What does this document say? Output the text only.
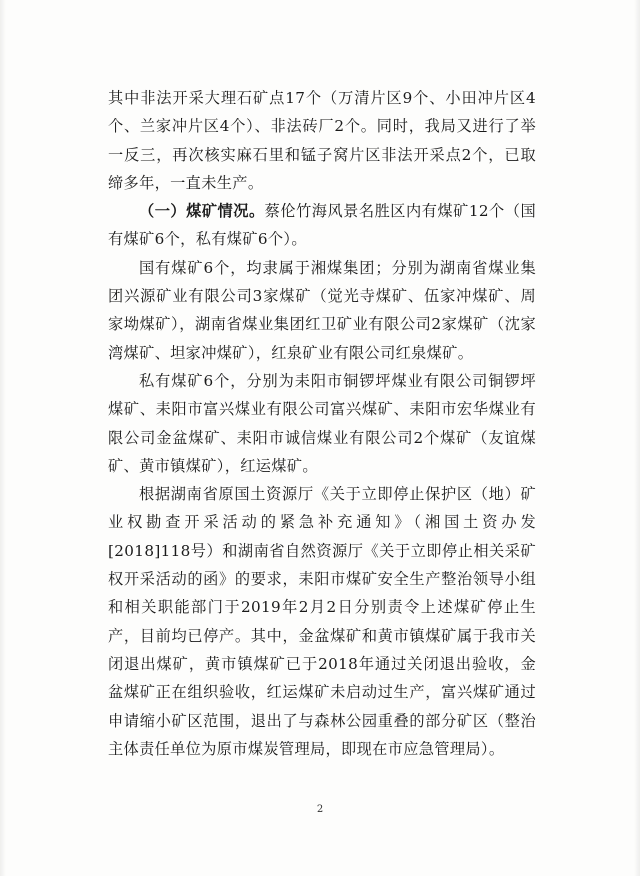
其中非法开采大理石矿点17个（万清片区9个、小田冲片区4个、兰家冲片区4个）、非法砖厂2个。同时，我局又进行了举一反三，再次核实麻石里和锰子窝片区非法开采点2个，已取缔多年，一直未生产。

（一）煤矿情况。蔡伦竹海风景名胜区内有煤矿12个（国有煤矿6个，私有煤矿6个）。

国有煤矿6个，均隶属于湘煤集团；分别为湖南省煤业集团兴源矿业有限公司3家煤矿（觉光寺煤矿、伍家冲煤矿、周家坳煤矿），湖南省煤业集团红卫矿业有限公司2家煤矿（沈家湾煤矿、坦家冲煤矿），红泉矿业有限公司红泉煤矿。

私有煤矿6个，分别为耒阳市铜锣坪煤业有限公司铜锣坪煤矿、耒阳市富兴煤业有限公司富兴煤矿、耒阳市宏华煤业有限公司金盆煤矿、耒阳市诚信煤业有限公司2个煤矿（友谊煤矿、黄市镇煤矿），红运煤矿。

根据湖南省原国土资源厅《关于立即停止保护区（地）矿业权勘查开采活动的紧急补充通知》（湘国土资办发[2018]118号）和湖南省自然资源厅《关于立即停止相关采矿权开采活动的函》的要求，耒阳市煤矿安全生产整治领导小组和相关职能部门于2019年2月2日分别责令上述煤矿停止生产，目前均已停产。其中，金盆煤矿和黄市镇煤矿属于我市关闭退出煤矿，黄市镇煤矿已于2018年通过关闭退出验收，金盆煤矿正在组织验收，红运煤矿未启动过生产，富兴煤矿通过申请缩小矿区范围，退出了与森林公园重叠的部分矿区（整治主体责任单位为原市煤炭管理局，即现在市应急管理局）。

2
